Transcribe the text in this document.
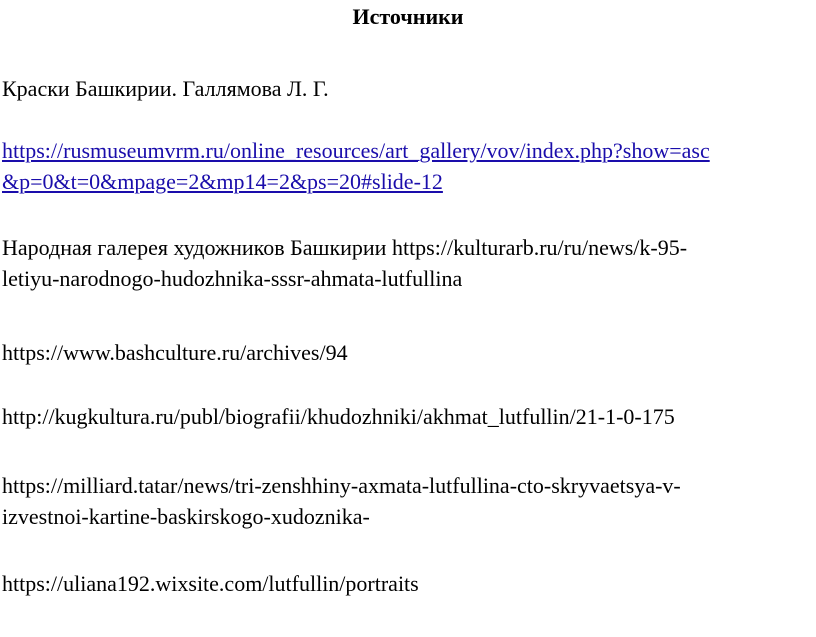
Источники
Краски Башкирии. Галлямова Л. Г.
https://rusmuseumvrm.ru/online_resources/art_gallery/vov/index.php?show=asc
&p=0&t=0&mpage=2&mp14=2&ps=20#slide-12
Народная галерея художников Башкирии https://kulturarb.ru/ru/news/k-95-
letiyu-narodnogo-hudozhnika-sssr-ahmata-lutfullina
https://www.bashculture.ru/archives/94
http://kugkultura.ru/publ/biografii/khudozhniki/akhmat_lutfullin/21-1-0-175
https://milliard.tatar/news/tri-zenshhiny-axmata-lutfullina-cto-skryvaetsya-v-
izvestnoi-kartine-baskirskogo-xudoznika-
https://uliana192.wixsite.com/lutfullin/portraits
